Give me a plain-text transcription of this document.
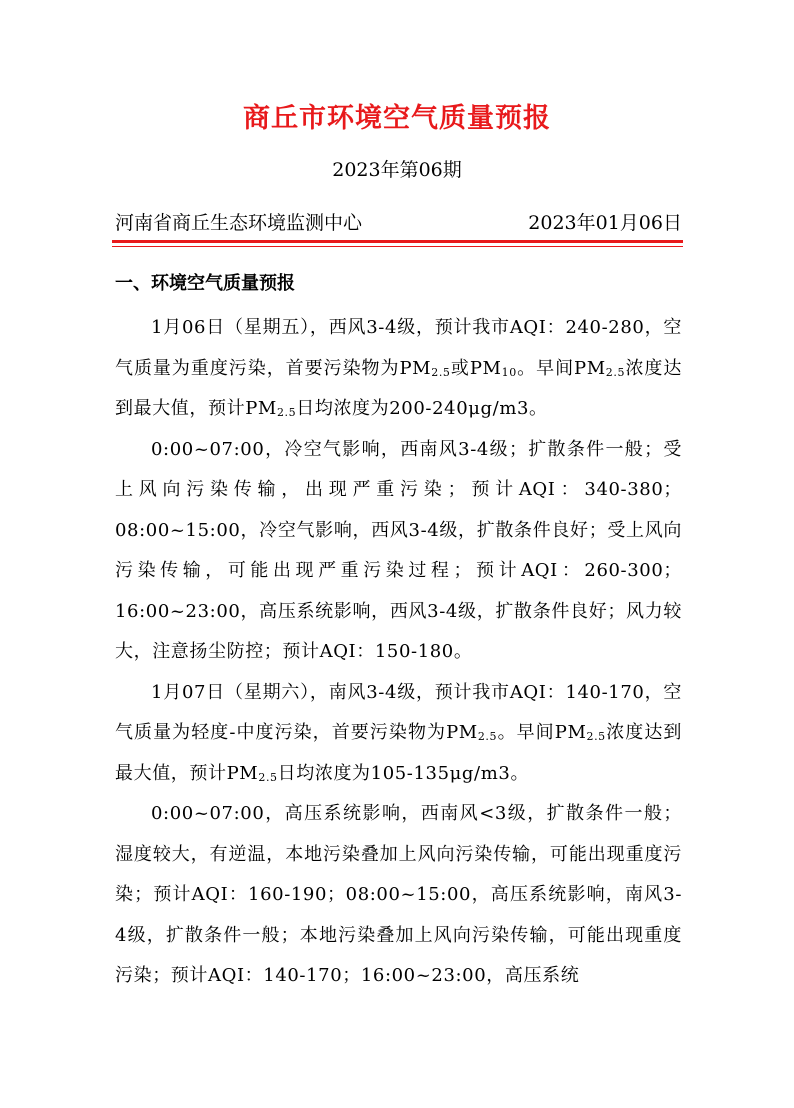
商丘市环境空气质量预报
2023年第06期
河南省商丘生态环境监测中心	2023年01月06日
一、环境空气质量预报

1月06日（星期五），西风3-4级，预计我市AQI：240-280，空气质量为重度污染，首要污染物为$PM_{2.5}$或$PM_{10}$。早间$PM_{2.5}$浓度达到最大值，预计$PM_{2.5}$日均浓度为200-240μg/m3。

0:00~07:00，冷空气影响，西南风3-4级；扩散条件一般；受上风向污染传输，出现严重污染；预计AQI：340-380；08:00~15:00，冷空气影响，西风3-4级，扩散条件良好；受上风向污染传输，可能出现严重污染过程；预计AQI：260-300；16:00~23:00，高压系统影响，西风3-4级，扩散条件良好；风力较大，注意扬尘防控；预计AQI：150-180。

1月07日（星期六），南风3-4级，预计我市AQI：140-170，空气质量为轻度-中度污染，首要污染物为$PM_{2.5}$。早间$PM_{2.5}$浓度达到最大值，预计$PM_{2.5}$日均浓度为105-135μg/m3。

0:00~07:00，高压系统影响，西南风<3级，扩散条件一般；湿度较大，有逆温，本地污染叠加上风向污染传输，可能出现重度污染；预计AQI：160-190；08:00~15:00，高压系统影响，南风3-4级，扩散条件一般；本地污染叠加上风向污染传输，可能出现重度污染；预计AQI：140-170；16:00~23:00，高压系统
